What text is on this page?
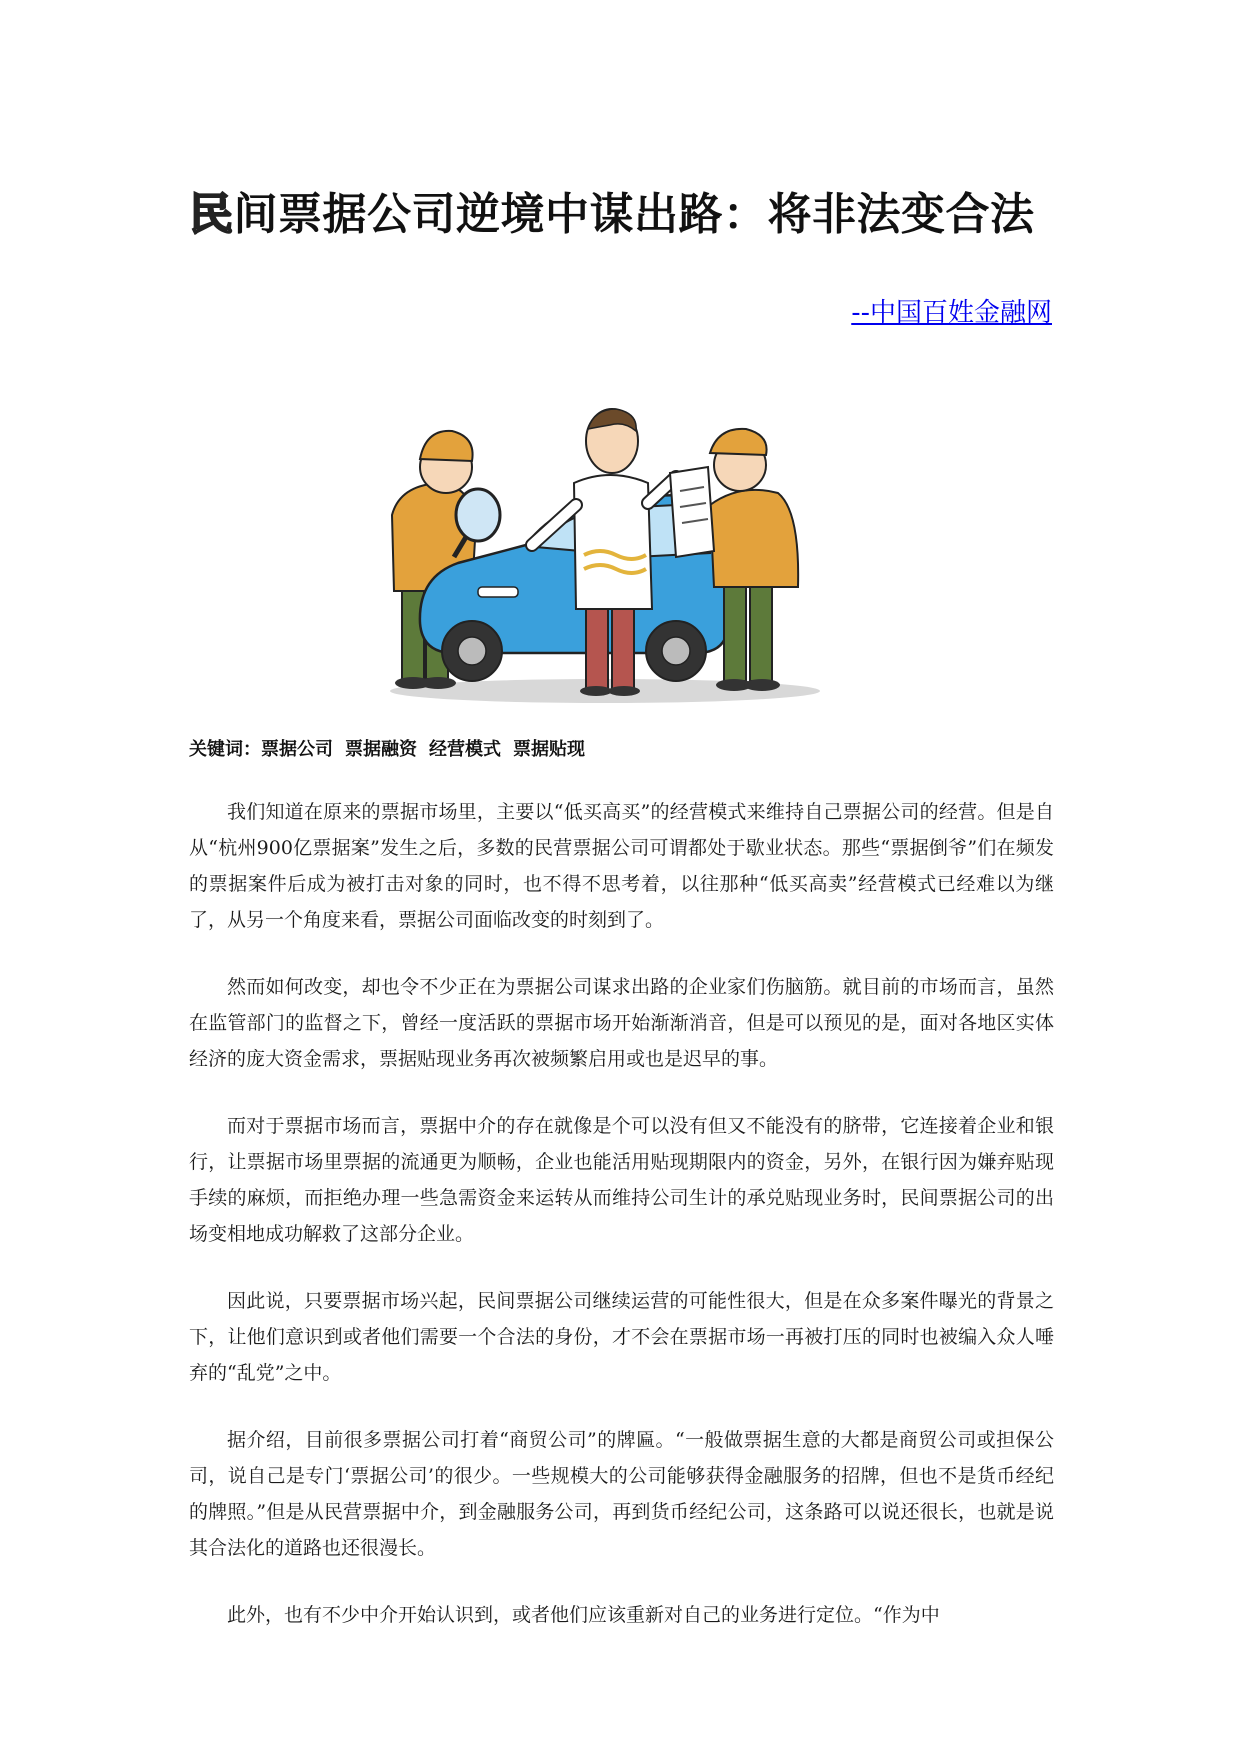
民间票据公司逆境中谋出路：将非法变合法
--中国百姓金融网
关键词：票据公司 票据融资 经营模式 票据贴现

我们知道在原来的票据市场里，主要以“低买高买”的经营模式来维持自己票据公司的经营。但是自从“杭州900亿票据案”发生之后，多数的民营票据公司可谓都处于歇业状态。那些“票据倒爷”们在频发的票据案件后成为被打击对象的同时，也不得不思考着，以往那种“低买高卖”经营模式已经难以为继了，从另一个角度来看，票据公司面临改变的时刻到了。

然而如何改变，却也令不少正在为票据公司谋求出路的企业家们伤脑筋。就目前的市场而言，虽然在监管部门的监督之下，曾经一度活跃的票据市场开始渐渐消音，但是可以预见的是，面对各地区实体经济的庞大资金需求，票据贴现业务再次被频繁启用或也是迟早的事。

而对于票据市场而言，票据中介的存在就像是个可以没有但又不能没有的脐带，它连接着企业和银行，让票据市场里票据的流通更为顺畅，企业也能活用贴现期限内的资金，另外，在银行因为嫌弃贴现手续的麻烦，而拒绝办理一些急需资金来运转从而维持公司生计的承兑贴现业务时，民间票据公司的出场变相地成功解救了这部分企业。

因此说，只要票据市场兴起，民间票据公司继续运营的可能性很大，但是在众多案件曝光的背景之下，让他们意识到或者他们需要一个合法的身份，才不会在票据市场一再被打压的同时也被编入众人唾弃的“乱党”之中。

据介绍，目前很多票据公司打着“商贸公司”的牌匾。“一般做票据生意的大都是商贸公司或担保公司，说自己是专门‘票据公司’的很少。一些规模大的公司能够获得金融服务的招牌，但也不是货币经纪的牌照。”但是从民营票据中介，到金融服务公司，再到货币经纪公司，这条路可以说还很长，也就是说其合法化的道路也还很漫长。

此外，也有不少中介开始认识到，或者他们应该重新对自己的业务进行定位。“作为中
